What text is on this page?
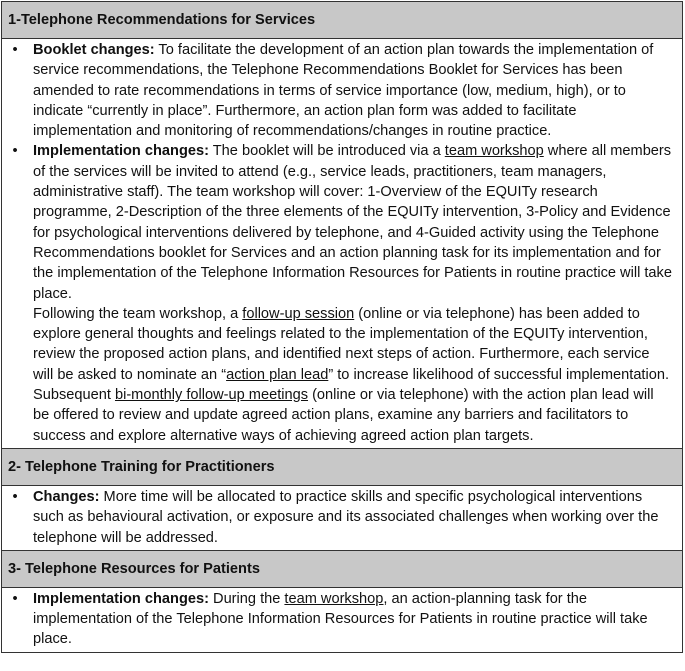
1-Telephone Recommendations for Services

•	Booklet changes: To facilitate the development of an action plan towards the implementation of service recommendations, the Telephone Recommendations Booklet for Services has been amended to rate recommendations in terms of service importance (low, medium, high), or to indicate “currently in place”. Furthermore, an action plan form was added to facilitate implementation and monitoring of recommendations/changes in routine practice.
•	Implementation changes: The booklet will be introduced via a team workshop where all members of the services will be invited to attend (e.g., service leads, practitioners, team managers, administrative staff). The team workshop will cover: 1-Overview of the EQUITy research programme, 2-Description of the three elements of the EQUITy intervention, 3-Policy and Evidence for psychological interventions delivered by telephone, and 4-Guided activity using the Telephone Recommendations booklet for Services and an action planning task for its implementation and for the implementation of the Telephone Information Resources for Patients in routine practice will take place.
Following the team workshop, a follow-up session (online or via telephone) has been added to explore general thoughts and feelings related to the implementation of the EQUITy intervention, review the proposed action plans, and identified next steps of action. Furthermore, each service will be asked to nominate an “action plan lead” to increase likelihood of successful implementation. Subsequent bi-monthly follow-up meetings (online or via telephone) with the action plan lead will be offered to review and update agreed action plans, examine any barriers and facilitators to success and explore alternative ways of achieving agreed action plan targets.

2- Telephone Training for Practitioners

•	Changes: More time will be allocated to practice skills and specific psychological interventions such as behavioural activation, or exposure and its associated challenges when working over the telephone will be addressed.

3- Telephone Resources for Patients

•	Implementation changes: During the team workshop, an action-planning task for the implementation of the Telephone Information Resources for Patients in routine practice will take place.
